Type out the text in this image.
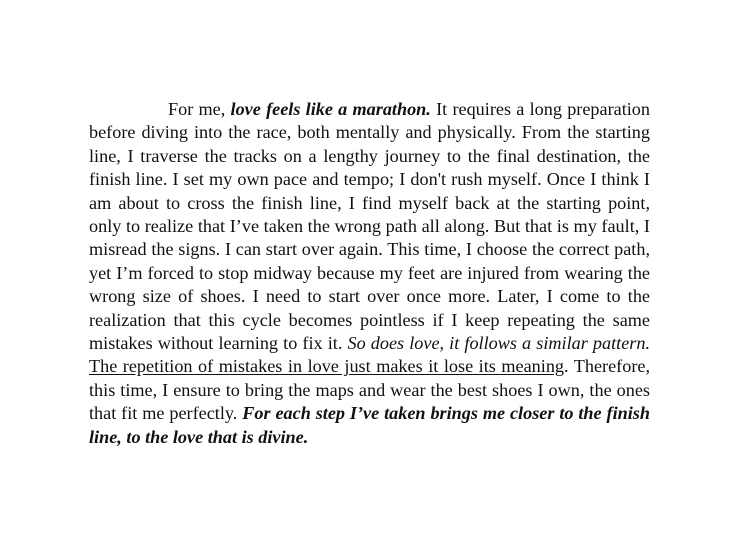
For me, love feels like a marathon. It requires a long preparation before diving into the race, both mentally and physically. From the starting line, I traverse the tracks on a lengthy journey to the final destination, the finish line. I set my own pace and tempo; I don't rush myself. Once I think I am about to cross the finish line, I find myself back at the starting point, only to realize that I’ve taken the wrong path all along. But that is my fault, I misread the signs. I can start over again. This time, I choose the correct path, yet I’m forced to stop midway because my feet are injured from wearing the wrong size of shoes. I need to start over once more. Later, I come to the realization that this cycle becomes pointless if I keep repeating the same mistakes without learning to fix it. So does love, it follows a similar pattern. The repetition of mistakes in love just makes it lose its meaning. Therefore, this time, I ensure to bring the maps and wear the best shoes I own, the ones that fit me perfectly. For each step I’ve taken brings me closer to the finish line, to the love that is divine.
